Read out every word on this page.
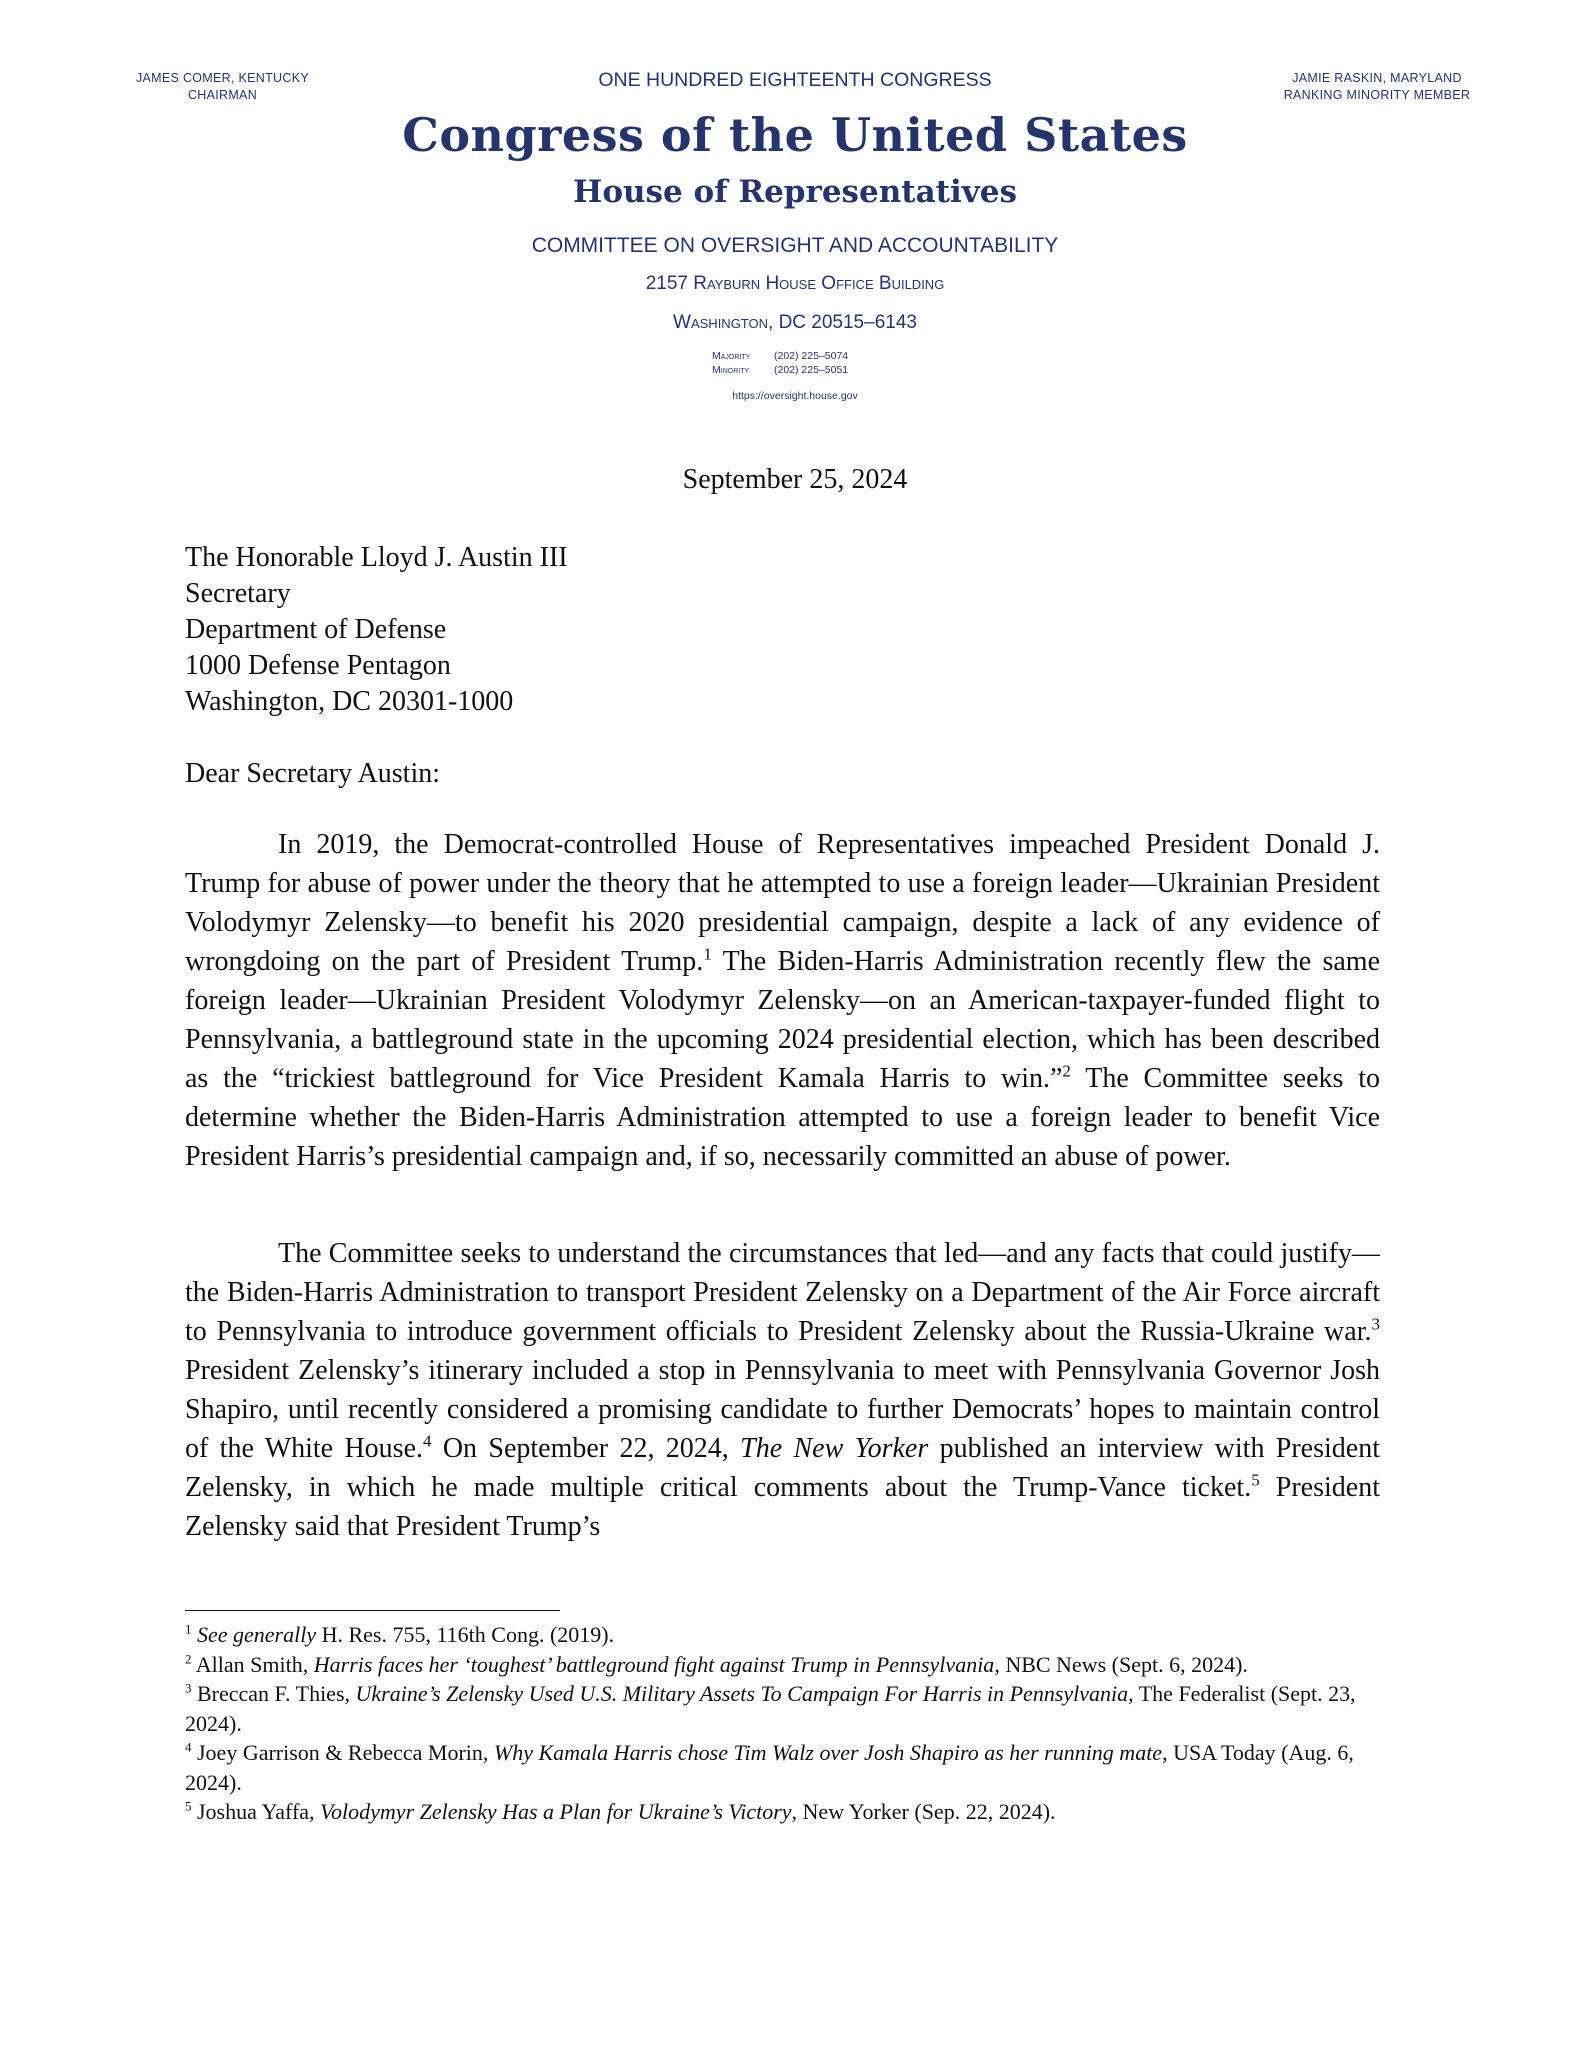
JAMES COMER, KENTUCKY
CHAIRMAN
JAMIE RASKIN, MARYLAND
RANKING MINORITY MEMBER
ONE HUNDRED EIGHTEENTH CONGRESS
Congress of the United States
House of Representatives
COMMITTEE ON OVERSIGHT AND ACCOUNTABILITY
2157 Rayburn House Office Building
Washington, DC 20515–6143
Majority (202) 225–5074
Minority (202) 225–5051
https://oversight.house.gov
September 25, 2024
The Honorable Lloyd J. Austin III
Secretary
Department of Defense
1000 Defense Pentagon
Washington, DC 20301-1000
Dear Secretary Austin:

In 2019, the Democrat-controlled House of Representatives impeached President Donald J. Trump for abuse of power under the theory that he attempted to use a foreign leader—Ukrainian President Volodymyr Zelensky—to benefit his 2020 presidential campaign, despite a lack of any evidence of wrongdoing on the part of President Trump.$^1$ The Biden-Harris Administration recently flew the same foreign leader—Ukrainian President Volodymyr Zelensky—on an American-taxpayer-funded flight to Pennsylvania, a battleground state in the upcoming 2024 presidential election, which has been described as the “trickiest battleground for Vice President Kamala Harris to win.”$^2$ The Committee seeks to determine whether the Biden-Harris Administration attempted to use a foreign leader to benefit Vice President Harris’s presidential campaign and, if so, necessarily committed an abuse of power.

The Committee seeks to understand the circumstances that led—and any facts that could justify—the Biden-Harris Administration to transport President Zelensky on a Department of the Air Force aircraft to Pennsylvania to introduce government officials to President Zelensky about the Russia-Ukraine war.$^3$ President Zelensky’s itinerary included a stop in Pennsylvania to meet with Pennsylvania Governor Josh Shapiro, until recently considered a promising candidate to further Democrats’ hopes to maintain control of the White House.$^4$ On September 22, 2024, The New Yorker published an interview with President Zelensky, in which he made multiple critical comments about the Trump-Vance ticket.$^5$ President Zelensky said that President Trump’s

$^1$ See generally H. Res. 755, 116th Cong. (2019).

$^2$ Allan Smith, Harris faces her ‘toughest’ battleground fight against Trump in Pennsylvania, NBC News (Sept. 6, 2024).

$^3$ Breccan F. Thies, Ukraine’s Zelensky Used U.S. Military Assets To Campaign For Harris in Pennsylvania, The Federalist (Sept. 23, 2024).

$^4$ Joey Garrison & Rebecca Morin, Why Kamala Harris chose Tim Walz over Josh Shapiro as her running mate, USA Today (Aug. 6, 2024).

$^5$ Joshua Yaffa, Volodymyr Zelensky Has a Plan for Ukraine’s Victory, New Yorker (Sep. 22, 2024).
